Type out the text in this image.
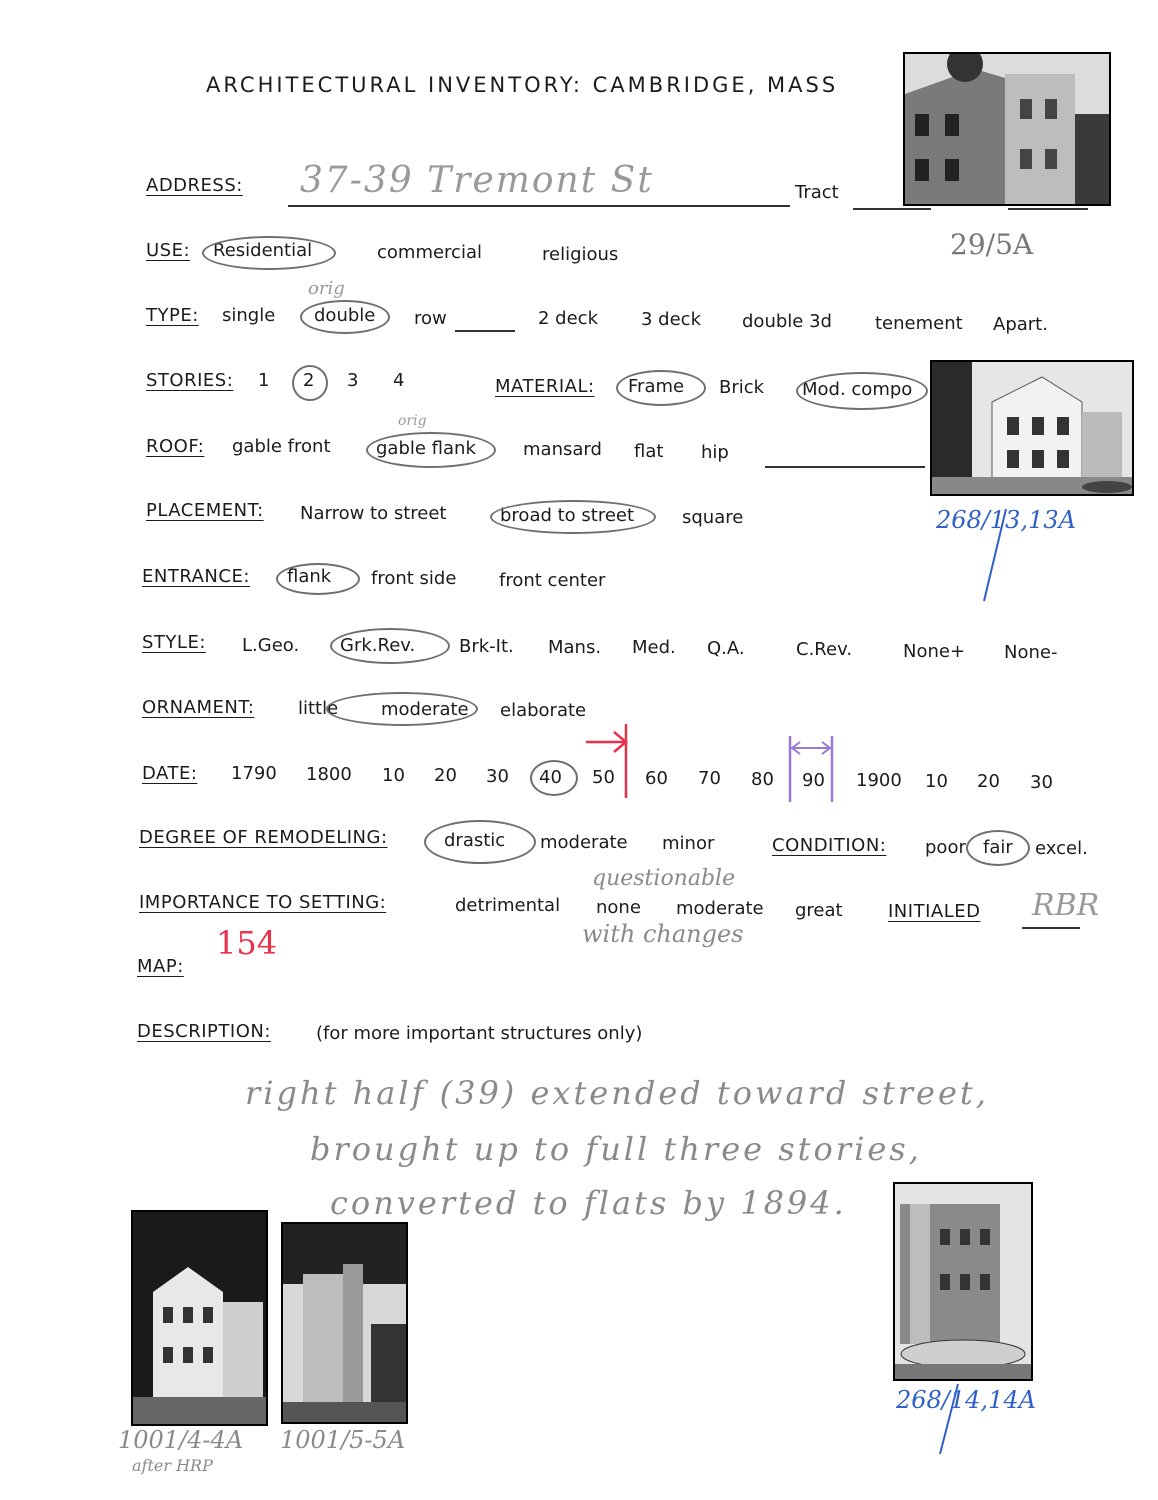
ARCHITECTURAL INVENTORY: CAMBRIDGE, MASS
ADDRESS: 37-39 Tremont St	Tract
29/5A
USE: Residential	commercial	religious
TYPE: single
orig
double row	2 deck 3 deck double 3d tenement Apart.
STORIES: 1 2 3 4	MATERIAL: Frame Brick Mod. compo
ROOF: gable front
orig
gable flank	mansard flat hip
PLACEMENT: Narrow to street	broad to street	square	268/13,13A
ENTRANCE: flank front side front center
STYLE: L.Geo. Grk.Rev. Brk-It. Mans. Med. Q.A.	C.Rev.	None+ None-
ORNAMENT: little moderate elaborate
DATE: 1790 1800 10 20 30 40 50 60 70 80 90 1900 10 20 30
DEGREE OF REMODELING:	drastic moderate minor	CONDITION: poor fair excel.
IMPORTANCE TO SETTING:	detrimental
questionable
none moderate great
with changes
INITIALED RBR
154
MAP:
DESCRIPTION:	(for more important structures only)
right half (39) extended toward street,
brought up to full three stories,
converted to flats by 1894.
268/14,14A
1001/4-4A
after HRP
1001/5-5A
